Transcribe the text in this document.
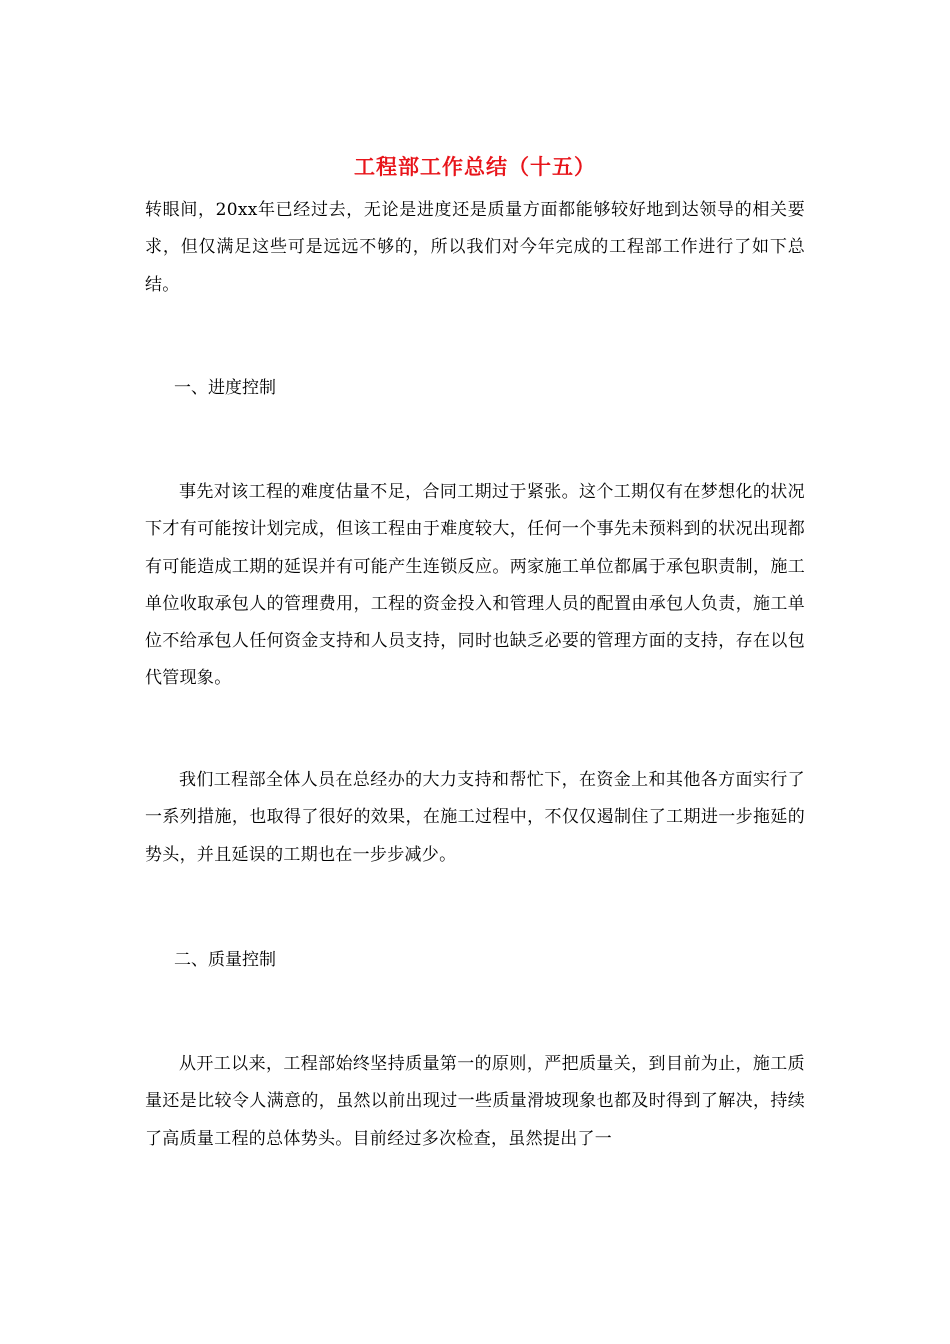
工程部工作总结（十五）

转眼间，20xx年已经过去，无论是进度还是质量方面都能够较好地到达领导的相关要求，但仅满足这些可是远远不够的，所以我们对今年完成的工程部工作进行了如下总结。

一、进度控制

事先对该工程的难度估量不足，合同工期过于紧张。这个工期仅有在梦想化的状况下才有可能按计划完成，但该工程由于难度较大，任何一个事先未预料到的状况出现都有可能造成工期的延误并有可能产生连锁反应。两家施工单位都属于承包职责制，施工单位收取承包人的管理费用，工程的资金投入和管理人员的配置由承包人负责，施工单位不给承包人任何资金支持和人员支持，同时也缺乏必要的管理方面的支持，存在以包代管现象。

我们工程部全体人员在总经办的大力支持和帮忙下，在资金上和其他各方面实行了一系列措施，也取得了很好的效果，在施工过程中，不仅仅遏制住了工期进一步拖延的势头，并且延误的工期也在一步步减少。

二、质量控制

从开工以来，工程部始终坚持质量第一的原则，严把质量关，到目前为止，施工质量还是比较令人满意的，虽然以前出现过一些质量滑坡现象也都及时得到了解决，持续了高质量工程的总体势头。目前经过多次检查，虽然提出了一
